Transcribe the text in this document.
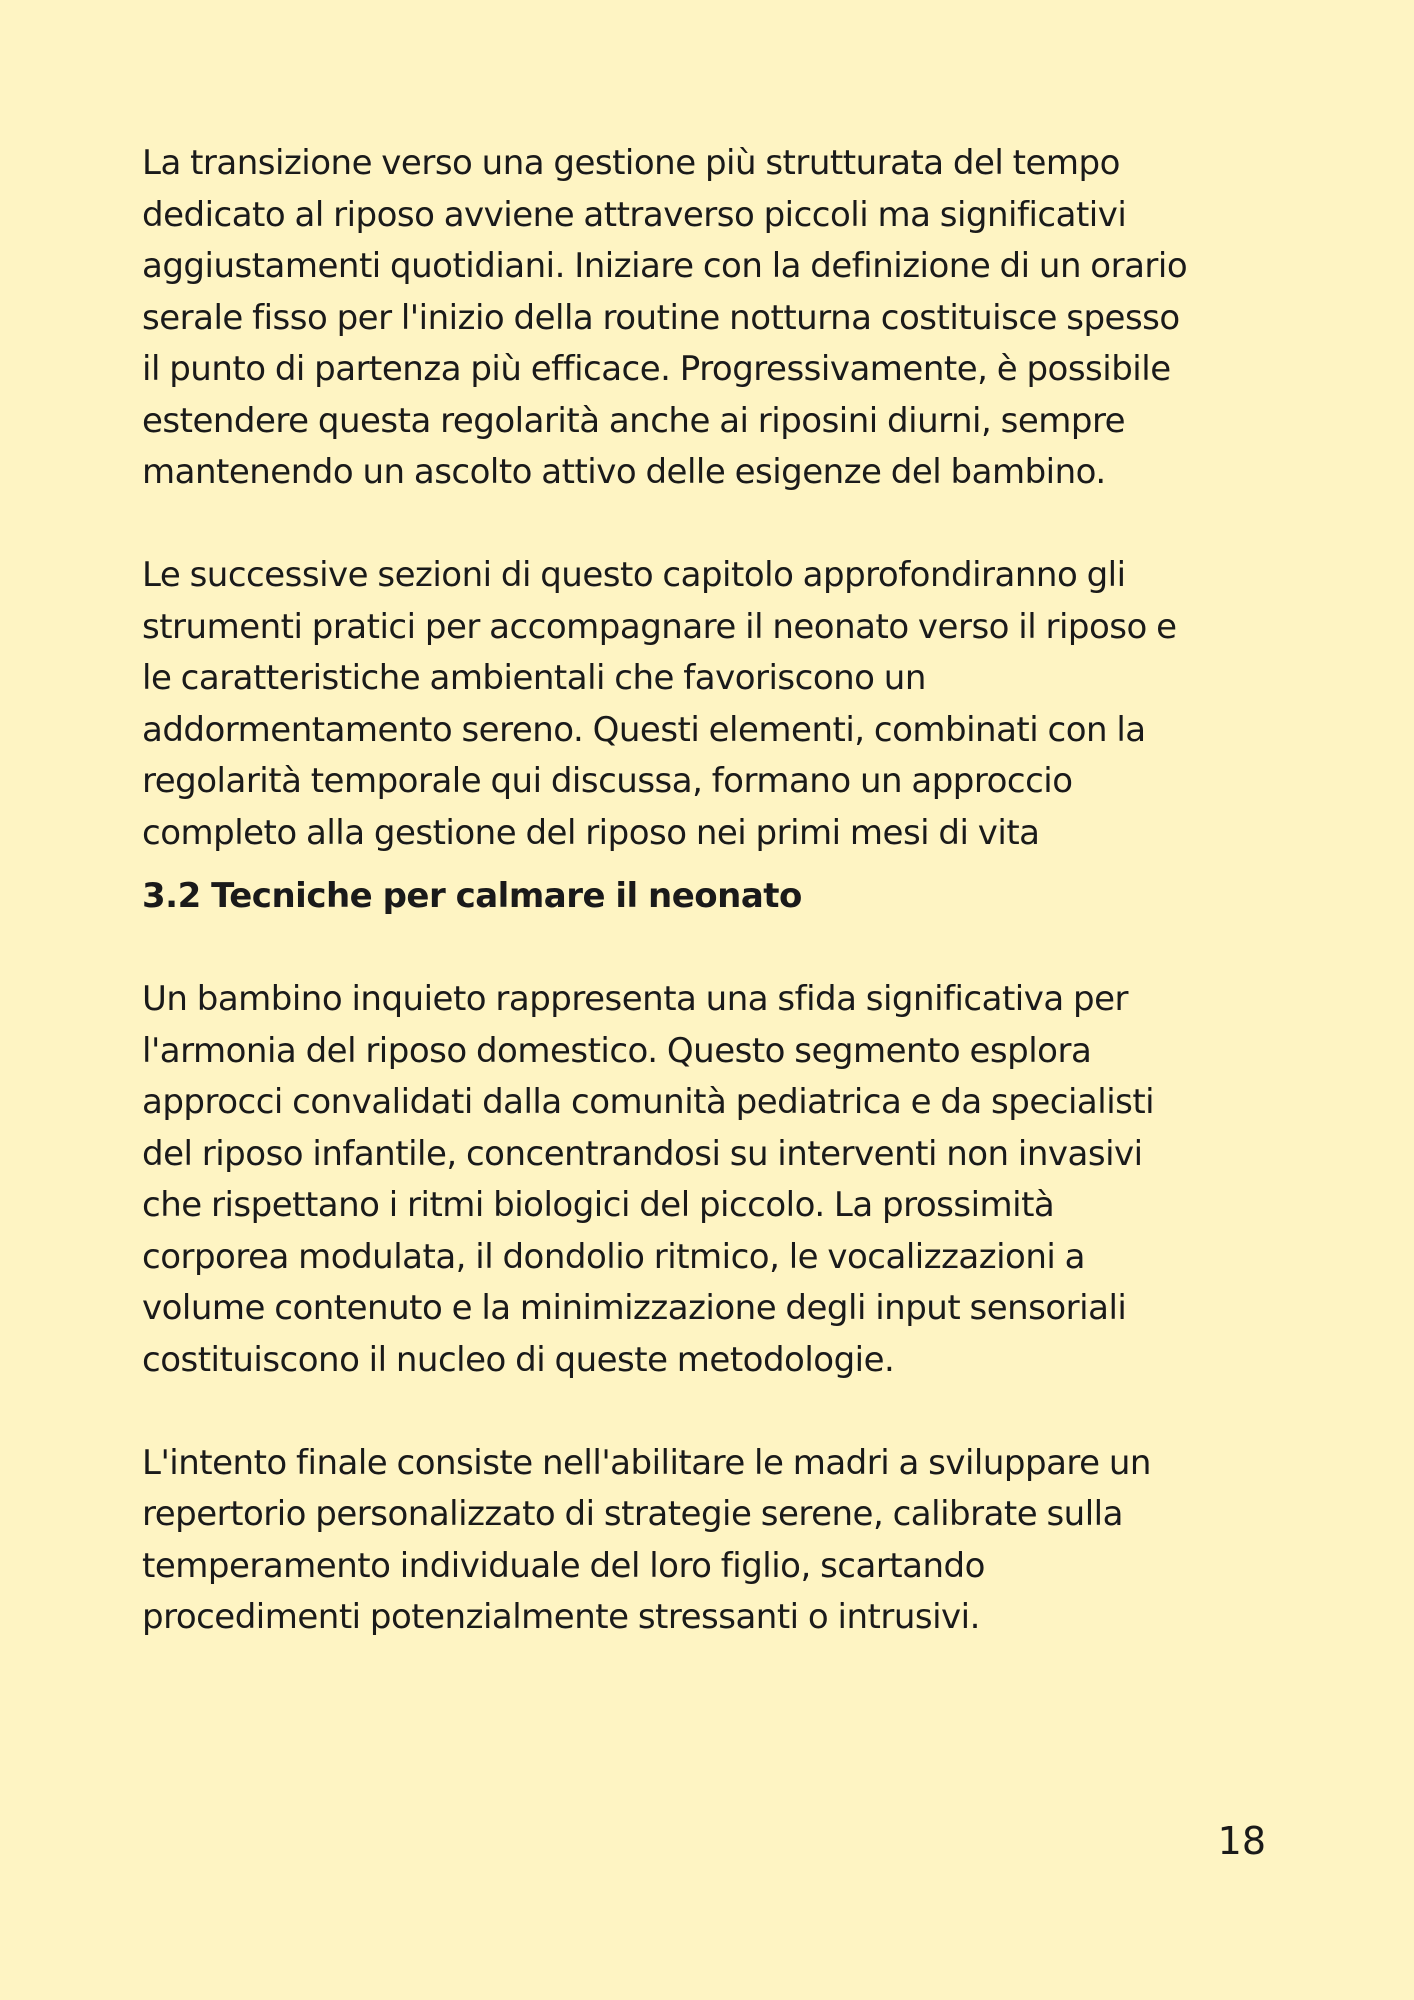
La transizione verso una gestione più strutturata del tempo
dedicato al riposo avviene attraverso piccoli ma significativi
aggiustamenti quotidiani. Iniziare con la definizione di un orario
serale fisso per l'inizio della routine notturna costituisce spesso
il punto di partenza più efficace. Progressivamente, è possibile
estendere questa regolarità anche ai riposini diurni, sempre
mantenendo un ascolto attivo delle esigenze del bambino.

Le successive sezioni di questo capitolo approfondiranno gli
strumenti pratici per accompagnare il neonato verso il riposo e
le caratteristiche ambientali che favoriscono un
addormentamento sereno. Questi elementi, combinati con la
regolarità temporale qui discussa, formano un approccio
completo alla gestione del riposo nei primi mesi di vita

3.2 Tecniche per calmare il neonato

Un bambino inquieto rappresenta una sfida significativa per
l'armonia del riposo domestico. Questo segmento esplora
approcci convalidati dalla comunità pediatrica e da specialisti
del riposo infantile, concentrandosi su interventi non invasivi
che rispettano i ritmi biologici del piccolo. La prossimità
corporea modulata, il dondolio ritmico, le vocalizzazioni a
volume contenuto e la minimizzazione degli input sensoriali
costituiscono il nucleo di queste metodologie.

L'intento finale consiste nell'abilitare le madri a sviluppare un
repertorio personalizzato di strategie serene, calibrate sulla
temperamento individuale del loro figlio, scartando
procedimenti potenzialmente stressanti o intrusivi.

18
